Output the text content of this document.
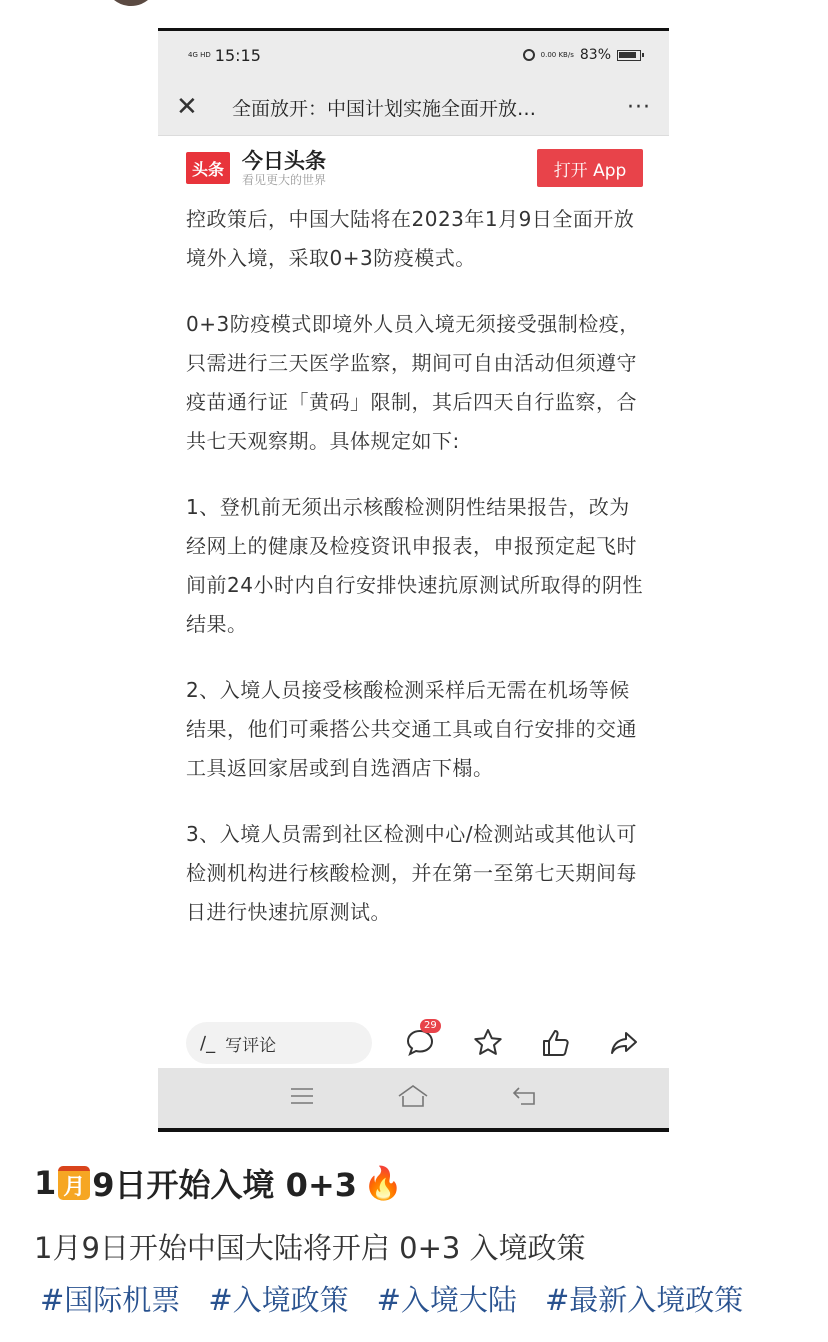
4G HD 15:15	0.00 KB/s 83%
✕	全面放开：中国计划实施全面开放…	···
头条 今日头条
看见更大的世界	打开 App

控政策后，中国大陆将在2023年1月9日全面开放境外入境，采取0+3防疫模式。

0+3防疫模式即境外人员入境无须接受强制检疫，只需进行三天医学监察，期间可自由活动但须遵守疫苗通行证「黄码」限制，其后四天自行监察，合共七天观察期。具体规定如下:

1、登机前无须出示核酸检测阴性结果报告，改为经网上的健康及检疫资讯申报表，申报预定起飞时间前24小时内自行安排快速抗原测试所取得的阴性结果。

2、入境人员接受核酸检测采样后无需在机场等候结果，他们可乘搭公共交通工具或自行安排的交通工具返回家居或到自选酒店下榻。

3、入境人员需到社区检测中心/检测站或其他认可检测机构进行核酸检测，并在第一至第七天期间每日进行快速抗原测试。

∕_ 写评论
29
1 月 9日开始入境 0+3 🔥
1月9日开始中国大陆将开启 0+3 入境政策
#国际机票 #入境政策 #入境大陆 #最新入境政策
